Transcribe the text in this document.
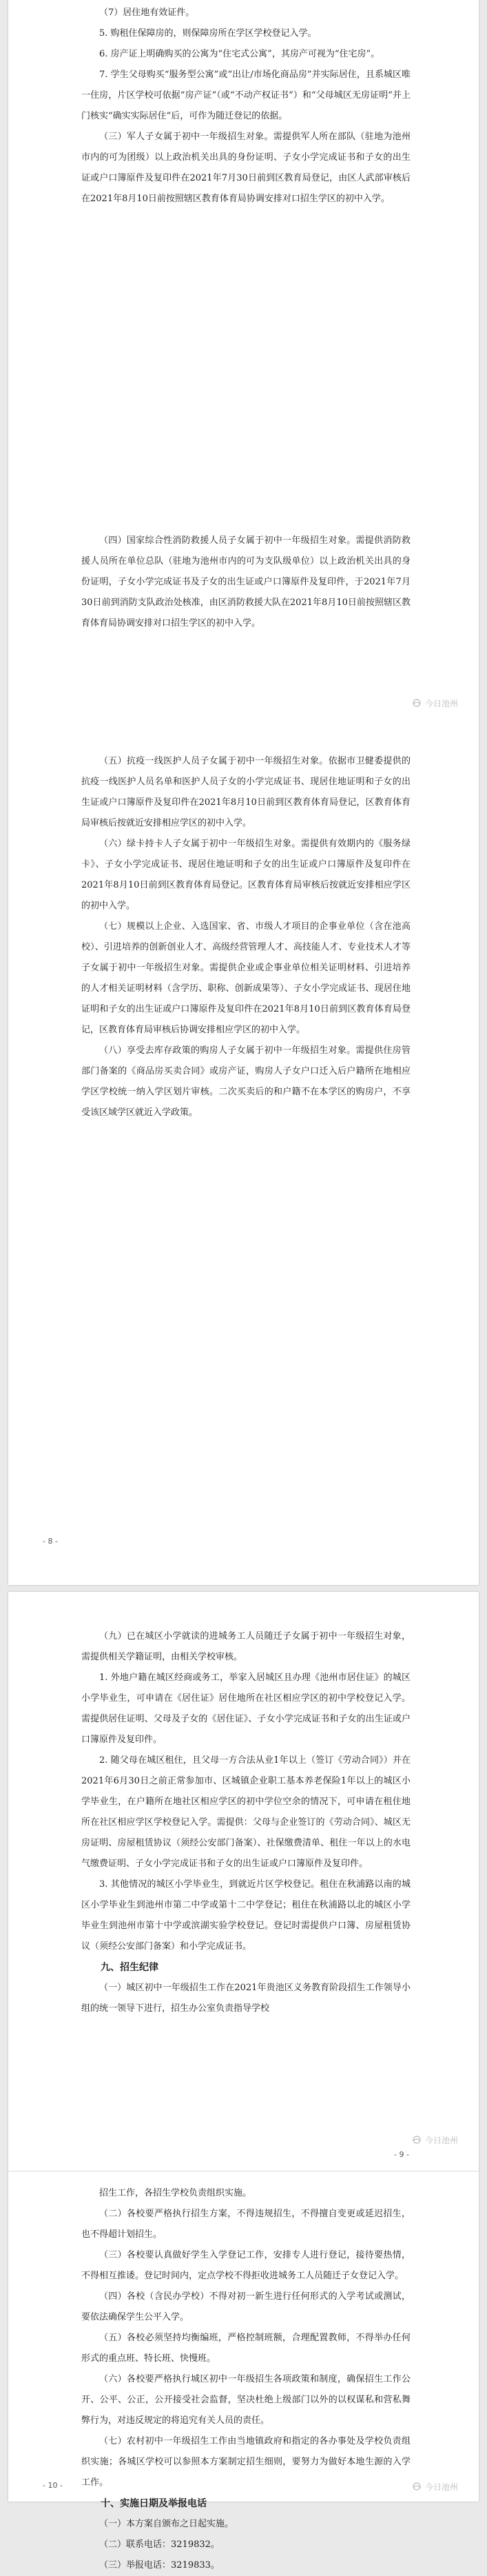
（7）居住地有效证件。

5. 购租住保障房的，则保障房所在学区学校登记入学。

6. 房产证上明确购买的公寓为“住宅式公寓”，其房产可视为“住宅房”。

7. 学生父母购买“服务型公寓”或“出让/市场化商品房”并实际居住，且系城区唯一住房，片区学校可依据“房产证”（或“不动产权证书”）和“父母城区无房证明”并上门核实“确实实际居住”后，可作为随迁登记的依据。

（三）军人子女属于初中一年级招生对象。需提供军人所在部队（驻地为池州市内的可为团级）以上政治机关出具的身份证明、子女小学完成证书和子女的出生证或户口簿原件及复印件在2021年7月30日前到区教育局登记，由区人武部审核后在2021年8月10日前按照辖区教育体育局协调安排对口招生学区的初中入学。

（四）国家综合性消防救援人员子女属于初中一年级招生对象。需提供消防救援人员所在单位总队（驻地为池州市内的可为支队级单位）以上政治机关出具的身份证明，子女小学完成证书及子女的出生证或户口簿原件及复印件，于2021年7月30日前到消防支队政治处核准，由区消防救援大队在2021年8月10日前按照辖区教育体育局协调安排对口招生学区的初中入学。

今日池州

（五）抗疫一线医护人员子女属于初中一年级招生对象。依据市卫健委提供的抗疫一线医护人员名单和医护人员子女的小学完成证书、现居住地证明和子女的出生证或户口簿原件及复印件在2021年8月10日前到区教育体育局登记，区教育体育局审核后按就近安排相应学区的初中入学。

（六）绿卡持卡人子女属于初中一年级招生对象。需提供有效期内的《服务绿卡》、子女小学完成证书、现居住地证明和子女的出生证或户口簿原件及复印件在2021年8月10日前到区教育体育局登记。区教育体育局审核后按就近安排相应学区的初中入学。

（七）规模以上企业、入选国家、省、市级人才项目的企事业单位（含在池高校）、引进培养的创新创业人才、高级经营管理人才、高技能人才、专业技术人才等子女属于初中一年级招生对象。需提供企业或企事业单位相关证明材料、引进培养的人才相关证明材料（含学历、职称、创新成果等）、子女小学完成证书、现居住地证明和子女的出生证或户口簿原件及复印件在2021年8月10日前到区教育体育局登记，区教育体育局审核后协调安排相应学区的初中入学。

（八）享受去库存政策的购房人子女属于初中一年级招生对象。需提供住房管部门备案的《商品房买卖合同》或房产证，购房人子女户口迁入后户籍所在地相应学区学校统一纳入学区划片审核。二次买卖后的和户籍不在本学区的购房户，不享受该区域学区就近入学政策。

- 8 -

（九）已在城区小学就读的进城务工人员随迁子女属于初中一年级招生对象，需提供相关学籍证明，由相关学校审核。

1. 外地户籍在城区经商或务工，举家入居城区且办理《池州市居住证》的城区小学毕业生，可申请在《居住证》居住地所在社区相应学区的初中学校登记入学。需提供居住证明、父母及子女的《居住证》、子女小学完成证书和子女的出生证或户口簿原件及复印件。

2. 随父母在城区租住，且父母一方合法从业1年以上（签订《劳动合同》）并在2021年6月30日之前正常参加市、区城镇企业职工基本养老保险1年以上的城区小学毕业生，在户籍所在地社区相应学区的初中学位空余的情况下，可申请在租住地所在社区相应学区学校登记入学。需提供：父母与企业签订的《劳动合同》、城区无房证明、房屋租赁协议（须经公安部门备案）、社保缴费清单、租住一年以上的水电气缴费证明、子女小学完成证书和子女的出生证或户口簿原件及复印件。

3. 其他情况的城区小学毕业生，到就近片区学校登记。租住在秋浦路以南的城区小学毕业生到池州市第二中学或第十二中学登记；租住在秋浦路以北的城区小学毕业生到池州市第十中学或滨湖实验学校登记。登记时需提供户口簿、房屋租赁协议（须经公安部门备案）和小学完成证书。

九、招生纪律

（一）城区初中一年级招生工作在2021年贵池区义务教育阶段招生工作领导小组的统一领导下进行，招生办公室负责指导学校

今日池州
- 9 -

招生工作，各招生学校负责组织实施。

（二）各校要严格执行招生方案，不得违规招生，不得擅自变更或延迟招生，也不得超计划招生。

（三）各校要认真做好学生入学登记工作，安排专人进行登记，接待要热情，不得相互推诿。登记时间内，定点学校不得拒收进城务工人员随迁子女登记入学。

（四）各校（含民办学校）不得对初一新生进行任何形式的入学考试或测试，要依法确保学生公平入学。

（五）各校必须坚持均衡编班，严格控制班额，合理配置教师，不得举办任何形式的重点班、特长班、快慢班。

（六）各校要严格执行城区初中一年级招生各项政策和制度，确保招生工作公开、公平、公正，公开接受社会监督，坚决杜绝上级部门以外的以权谋私和营私舞弊行为，对违反规定的将追究有关人员的责任。

（七）农村初中一年级招生工作由当地镇政府和指定的各办事处及学校负责组织实施；各城区学校可以参照本方案制定招生细则，要努力为做好本地生源的入学工作。

十、实施日期及举报电话

（一）本方案自颁布之日起实施。

（二）联系电话：3219832。

（三）举报电话：3219833。

- 10 -	今日池州
